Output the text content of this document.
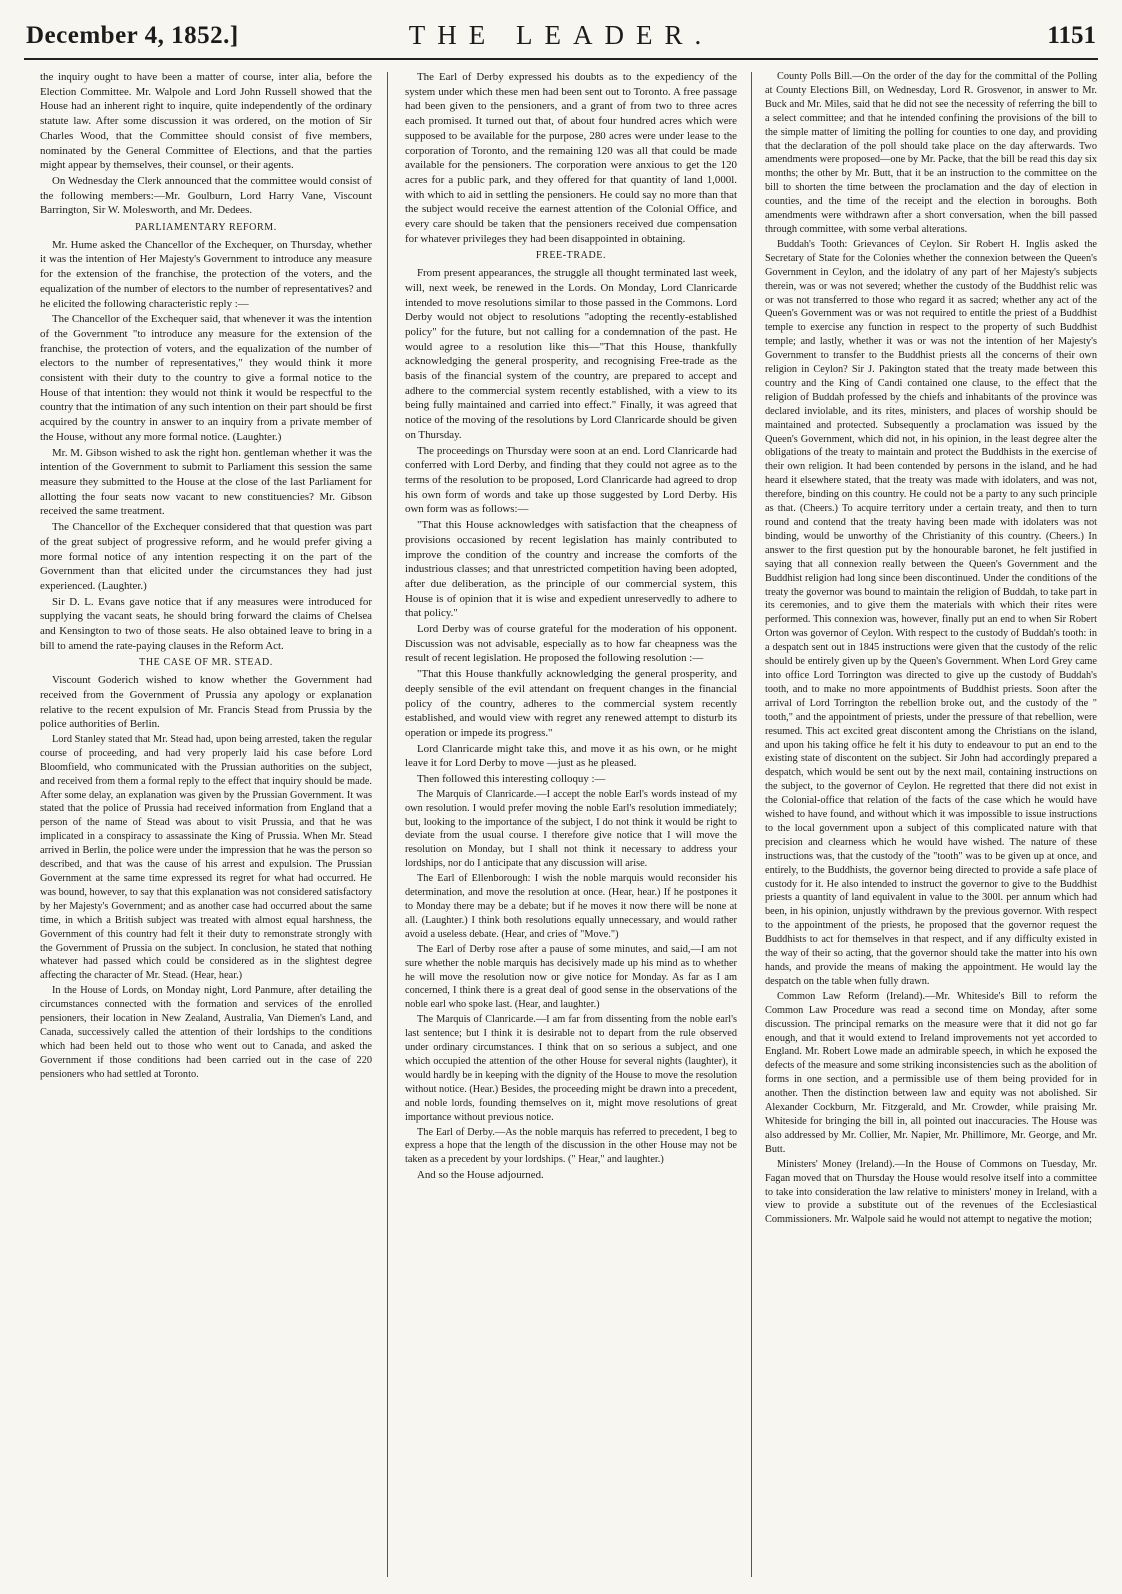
December 4, 1852.]	THE LEADER.	1151

the inquiry ought to have been a matter of course, inter alia, before the Election Committee. Mr. Walpole and Lord John Russell showed that the House had an inherent right to inquire, quite independently of the ordinary statute law. After some discussion it was ordered, on the motion of Sir Charles Wood, that the Committee should consist of five members, nominated by the General Committee of Elections, and that the parties might appear by themselves, their counsel, or their agents.

On Wednesday the Clerk announced that the committee would consist of the following members:—Mr. Goulburn, Lord Harry Vane, Viscount Barrington, Sir W. Molesworth, and Mr. Dedees.

PARLIAMENTARY REFORM.

Mr. Hume asked the Chancellor of the Exchequer, on Thursday, whether it was the intention of Her Majesty's Government to introduce any measure for the extension of the franchise, the protection of the voters, and the equalization of the number of electors to the number of representatives? and he elicited the following characteristic reply :—

The Chancellor of the Exchequer said, that whenever it was the intention of the Government "to introduce any measure for the extension of the franchise, the protection of voters, and the equalization of the number of electors to the number of representatives," they would think it more consistent with their duty to the country to give a formal notice to the House of that intention: they would not think it would be respectful to the country that the intimation of any such intention on their part should be first acquired by the country in answer to an inquiry from a private member of the House, without any more formal notice. (Laughter.)

Mr. M. Gibson wished to ask the right hon. gentleman whether it was the intention of the Government to submit to Parliament this session the same measure they submitted to the House at the close of the last Parliament for allotting the four seats now vacant to new constituencies? Mr. Gibson received the same treatment.

The Chancellor of the Exchequer considered that that question was part of the great subject of progressive reform, and he would prefer giving a more formal notice of any intention respecting it on the part of the Government than that elicited under the circumstances they had just experienced. (Laughter.)

Sir D. L. Evans gave notice that if any measures were introduced for supplying the vacant seats, he should bring forward the claims of Chelsea and Kensington to two of those seats. He also obtained leave to bring in a bill to amend the rate-paying clauses in the Reform Act.

THE CASE OF MR. STEAD.

Viscount Goderich wished to know whether the Government had received from the Government of Prussia any apology or explanation relative to the recent expulsion of Mr. Francis Stead from Prussia by the police authorities of Berlin.

Lord Stanley stated that Mr. Stead had, upon being arrested, taken the regular course of proceeding, and had very properly laid his case before Lord Bloomfield, who communicated with the Prussian authorities on the subject, and received from them a formal reply to the effect that inquiry should be made. After some delay, an explanation was given by the Prussian Government. It was stated that the police of Prussia had received information from England that a person of the name of Stead was about to visit Prussia, and that he was implicated in a conspiracy to assassinate the King of Prussia. When Mr. Stead arrived in Berlin, the police were under the impression that he was the person so described, and that was the cause of his arrest and expulsion. The Prussian Government at the same time expressed its regret for what had occurred. He was bound, however, to say that this explanation was not considered satisfactory by her Majesty's Government; and as another case had occurred about the same time, in which a British subject was treated with almost equal harshness, the Government of this country had felt it their duty to remonstrate strongly with the Government of Prussia on the subject. In conclusion, he stated that nothing whatever had passed which could be considered as in the slightest degree affecting the character of Mr. Stead. (Hear, hear.)

In the House of Lords, on Monday night, Lord Panmure, after detailing the circumstances connected with the formation and services of the enrolled pensioners, their location in New Zealand, Australia, Van Diemen's Land, and Canada, successively called the attention of their lordships to the conditions which had been held out to those who went out to Canada, and asked the Government if those conditions had been carried out in the case of 220 pensioners who had settled at Toronto.

The Earl of Derby expressed his doubts as to the expediency of the system under which these men had been sent out to Toronto. A free passage had been given to the pensioners, and a grant of from two to three acres each promised. It turned out that, of about four hundred acres which were supposed to be available for the purpose, 280 acres were under lease to the corporation of Toronto, and the remaining 120 was all that could be made available for the pensioners. The corporation were anxious to get the 120 acres for a public park, and they offered for that quantity of land 1,000l. with which to aid in settling the pensioners. He could say no more than that the subject would receive the earnest attention of the Colonial Office, and every care should be taken that the pensioners received due compensation for whatever privileges they had been disappointed in obtaining.

FREE-TRADE.

From present appearances, the struggle all thought terminated last week, will, next week, be renewed in the Lords. On Monday, Lord Clanricarde intended to move resolutions similar to those passed in the Commons. Lord Derby would not object to resolutions "adopting the recently-established policy" for the future, but not calling for a condemnation of the past. He would agree to a resolution like this—"That this House, thankfully acknowledging the general prosperity, and recognising Free-trade as the basis of the financial system of the country, are prepared to accept and adhere to the commercial system recently established, with a view to its being fully maintained and carried into effect." Finally, it was agreed that notice of the moving of the resolutions by Lord Clanricarde should be given on Thursday.

The proceedings on Thursday were soon at an end. Lord Clanricarde had conferred with Lord Derby, and finding that they could not agree as to the terms of the resolution to be proposed, Lord Clanricarde had agreed to drop his own form of words and take up those suggested by Lord Derby. His own form was as follows:—

"That this House acknowledges with satisfaction that the cheapness of provisions occasioned by recent legislation has mainly contributed to improve the condition of the country and increase the comforts of the industrious classes; and that unrestricted competition having been adopted, after due deliberation, as the principle of our commercial system, this House is of opinion that it is wise and expedient unreservedly to adhere to that policy."

Lord Derby was of course grateful for the moderation of his opponent. Discussion was not advisable, especially as to how far cheapness was the result of recent legislation. He proposed the following resolution :—

"That this House thankfully acknowledging the general prosperity, and deeply sensible of the evil attendant on frequent changes in the financial policy of the country, adheres to the commercial system recently established, and would view with regret any renewed attempt to disturb its operation or impede its progress."

Lord Clanricarde might take this, and move it as his own, or he might leave it for Lord Derby to move —just as he pleased.

Then followed this interesting colloquy :—

The Marquis of Clanricarde.—I accept the noble Earl's words instead of my own resolution. I would prefer moving the noble Earl's resolution immediately; but, looking to the importance of the subject, I do not think it would be right to deviate from the usual course. I therefore give notice that I will move the resolution on Monday, but I shall not think it necessary to address your lordships, nor do I anticipate that any discussion will arise.

The Earl of Ellenborough: I wish the noble marquis would reconsider his determination, and move the resolution at once. (Hear, hear.) If he postpones it to Monday there may be a debate; but if he moves it now there will be none at all. (Laughter.) I think both resolutions equally unnecessary, and would rather avoid a useless debate. (Hear, and cries of "Move.")

The Earl of Derby rose after a pause of some minutes, and said,—I am not sure whether the noble marquis has decisively made up his mind as to whether he will move the resolution now or give notice for Monday. As far as I am concerned, I think there is a great deal of good sense in the observations of the noble earl who spoke last. (Hear, and laughter.)

The Marquis of Clanricarde.—I am far from dissenting from the noble earl's last sentence; but I think it is desirable not to depart from the rule observed under ordinary circumstances. I think that on so serious a subject, and one which occupied the attention of the other House for several nights (laughter), it would hardly be in keeping with the dignity of the House to move the resolution without notice. (Hear.) Besides, the proceeding might be drawn into a precedent, and noble lords, founding themselves on it, might move resolutions of great importance without previous notice.

The Earl of Derby.—As the noble marquis has referred to precedent, I beg to express a hope that the length of the discussion in the other House may not be taken as a precedent by your lordships. (" Hear," and laughter.)

And so the House adjourned.

County Polls Bill.—On the order of the day for the committal of the Polling at County Elections Bill, on Wednesday, Lord R. Grosvenor, in answer to Mr. Buck and Mr. Miles, said that he did not see the necessity of referring the bill to a select committee; and that he intended confining the provisions of the bill to the simple matter of limiting the polling for counties to one day, and providing that the declaration of the poll should take place on the day afterwards. Two amendments were proposed—one by Mr. Packe, that the bill be read this day six months; the other by Mr. Butt, that it be an instruction to the committee on the bill to shorten the time between the proclamation and the day of election in counties, and the time of the receipt and the election in boroughs. Both amendments were withdrawn after a short conversation, when the bill passed through committee, with some verbal alterations.

Buddah's Tooth: Grievances of Ceylon. Sir Robert H. Inglis asked the Secretary of State for the Colonies whether the connexion between the Queen's Government in Ceylon, and the idolatry of any part of her Majesty's subjects therein, was or was not severed; whether the custody of the Buddhist relic was or was not transferred to those who regard it as sacred; whether any act of the Queen's Government was or was not required to entitle the priest of a Buddhist temple to exercise any function in respect to the property of such Buddhist temple; and lastly, whether it was or was not the intention of her Majesty's Government to transfer to the Buddhist priests all the concerns of their own religion in Ceylon? Sir J. Pakington stated that the treaty made between this country and the King of Candi contained one clause, to the effect that the religion of Buddah professed by the chiefs and inhabitants of the province was declared inviolable, and its rites, ministers, and places of worship should be maintained and protected. Subsequently a proclamation was issued by the Queen's Government, which did not, in his opinion, in the least degree alter the obligations of the treaty to maintain and protect the Buddhists in the exercise of their own religion. It had been contended by persons in the island, and he had heard it elsewhere stated, that the treaty was made with idolaters, and was not, therefore, binding on this country. He could not be a party to any such principle as that. (Cheers.) To acquire territory under a certain treaty, and then to turn round and contend that the treaty having been made with idolaters was not binding, would be unworthy of the Christianity of this country. (Cheers.) In answer to the first question put by the honourable baronet, he felt justified in saying that all connexion really between the Queen's Government and the Buddhist religion had long since been discontinued. Under the conditions of the treaty the governor was bound to maintain the religion of Buddah, to take part in its ceremonies, and to give them the materials with which their rites were performed. This connexion was, however, finally put an end to when Sir Robert Orton was governor of Ceylon. With respect to the custody of Buddah's tooth: in a despatch sent out in 1845 instructions were given that the custody of the relic should be entirely given up by the Queen's Government. When Lord Grey came into office Lord Torrington was directed to give up the custody of Buddah's tooth, and to make no more appointments of Buddhist priests. Soon after the arrival of Lord Torrington the rebellion broke out, and the custody of the " tooth," and the appointment of priests, under the pressure of that rebellion, were resumed. This act excited great discontent among the Christians on the island, and upon his taking office he felt it his duty to endeavour to put an end to the existing state of discontent on the subject. Sir John had accordingly prepared a despatch, which would be sent out by the next mail, containing instructions on the subject, to the governor of Ceylon. He regretted that there did not exist in the Colonial-office that relation of the facts of the case which he would have wished to have found, and without which it was impossible to issue instructions to the local government upon a subject of this complicated nature with that precision and clearness which he would have wished. The nature of these instructions was, that the custody of the "tooth" was to be given up at once, and entirely, to the Buddhists, the governor being directed to provide a safe place of custody for it. He also intended to instruct the governor to give to the Buddhist priests a quantity of land equivalent in value to the 300l. per annum which had been, in his opinion, unjustly withdrawn by the previous governor. With respect to the appointment of the priests, he proposed that the governor request the Buddhists to act for themselves in that respect, and if any difficulty existed in the way of their so acting, that the governor should take the matter into his own hands, and provide the means of making the appointment. He would lay the despatch on the table when fully drawn.

Common Law Reform (Ireland).—Mr. Whiteside's Bill to reform the Common Law Procedure was read a second time on Monday, after some discussion. The principal remarks on the measure were that it did not go far enough, and that it would extend to Ireland improvements not yet accorded to England. Mr. Robert Lowe made an admirable speech, in which he exposed the defects of the measure and some striking inconsistencies such as the abolition of forms in one section, and a permissible use of them being provided for in another. Then the distinction between law and equity was not abolished. Sir Alexander Cockburn, Mr. Fitzgerald, and Mr. Crowder, while praising Mr. Whiteside for bringing the bill in, all pointed out inaccuracies. The House was also addressed by Mr. Collier, Mr. Napier, Mr. Phillimore, Mr. George, and Mr. Butt.

Ministers' Money (Ireland).—In the House of Commons on Tuesday, Mr. Fagan moved that on Thursday the House would resolve itself into a committee to take into consideration the law relative to ministers' money in Ireland, with a view to provide a substitute out of the revenues of the Ecclesiastical Commissioners. Mr. Walpole said he would not attempt to negative the motion;
